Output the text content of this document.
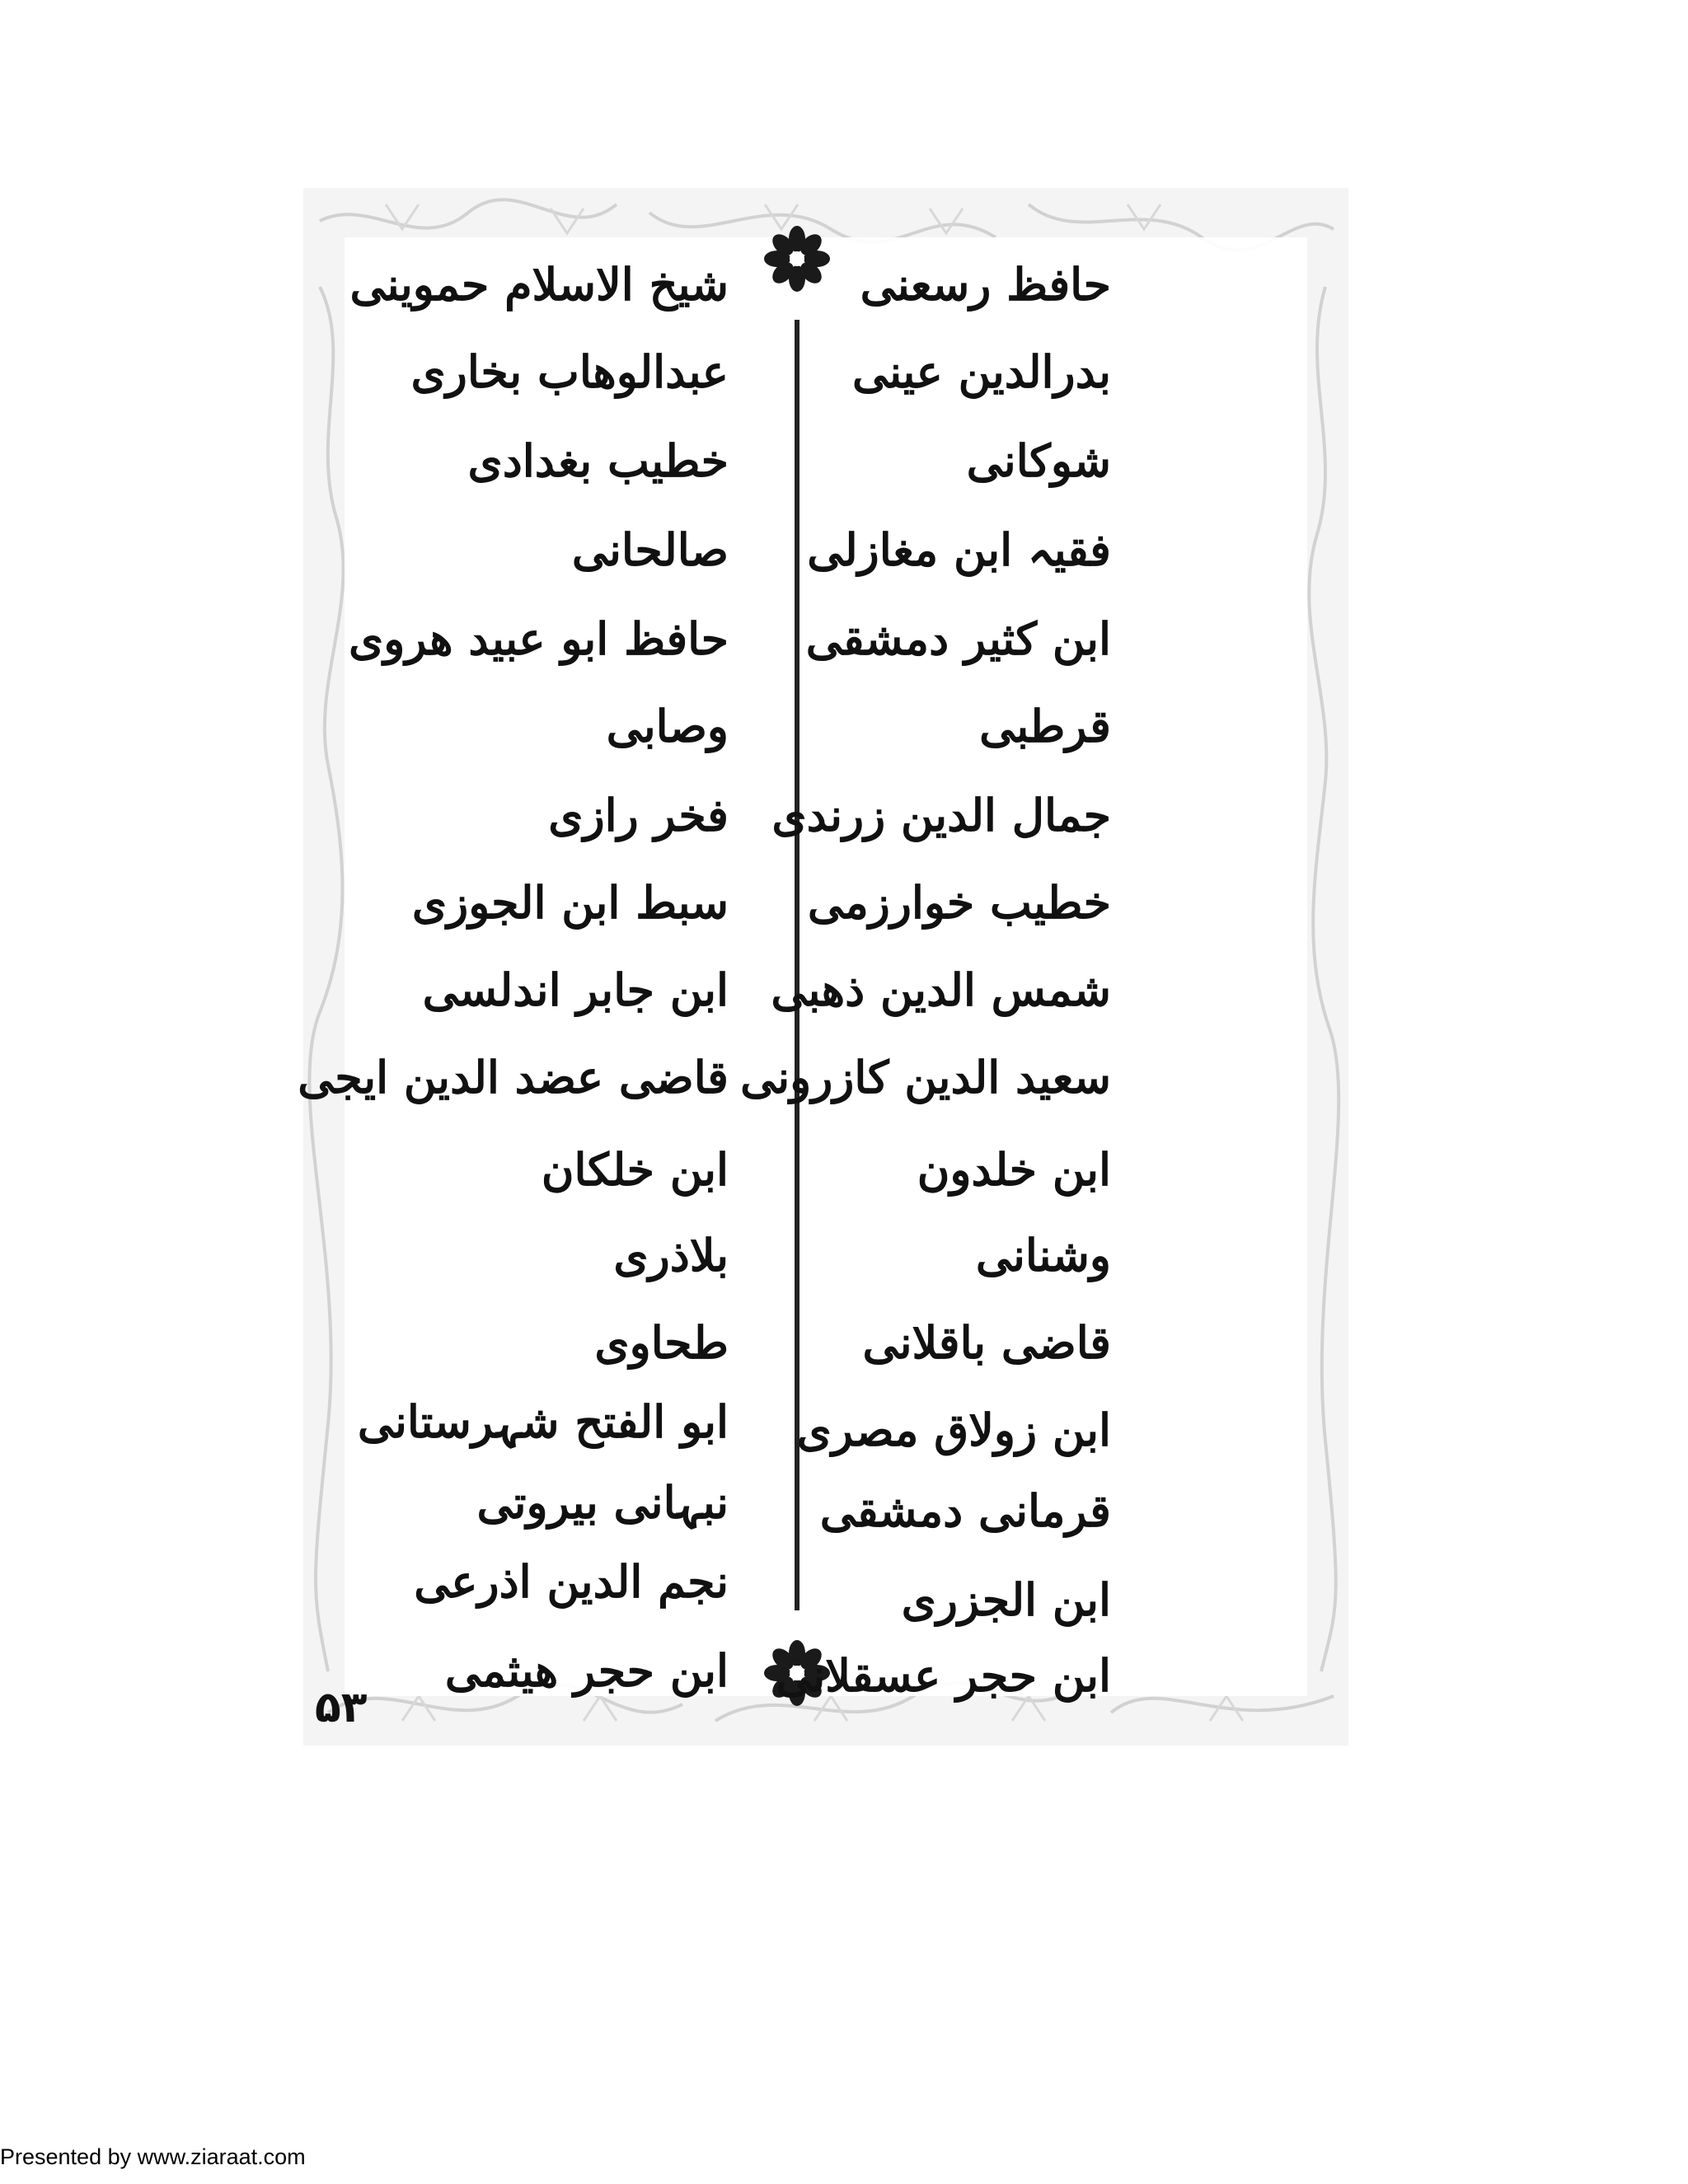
حافظ رسعنی
بدرالدین عینی
شوکانی
فقیہ ابن مغازلی
ابن کثیر دمشقی
قرطبی
جمال الدین زرندی
خطیب خوارزمی
شمس الدین ذھبی
سعید الدین کازرونی
ابن خلدون
وشنانی
قاضی باقلانی
ابن زولاق مصری
قرمانی دمشقی
ابن الجزری
ابن حجر عسقلانی
شیخ الاسلام حموینی
عبدالوھاب بخاری
خطیب بغدادی
صالحانی
حافظ ابو عبید ھروی
وصابی
فخر رازی
سبط ابن الجوزی
ابن جابر اندلسی
قاضی عضد الدین ایجی
ابن خلکان
بلاذری
طحاوی
ابو الفتح شہرستانی
نبہانی بیروتی
نجم الدین اذرعی
ابن حجر ھیثمی
۵۳
Presented by www.ziaraat.com
